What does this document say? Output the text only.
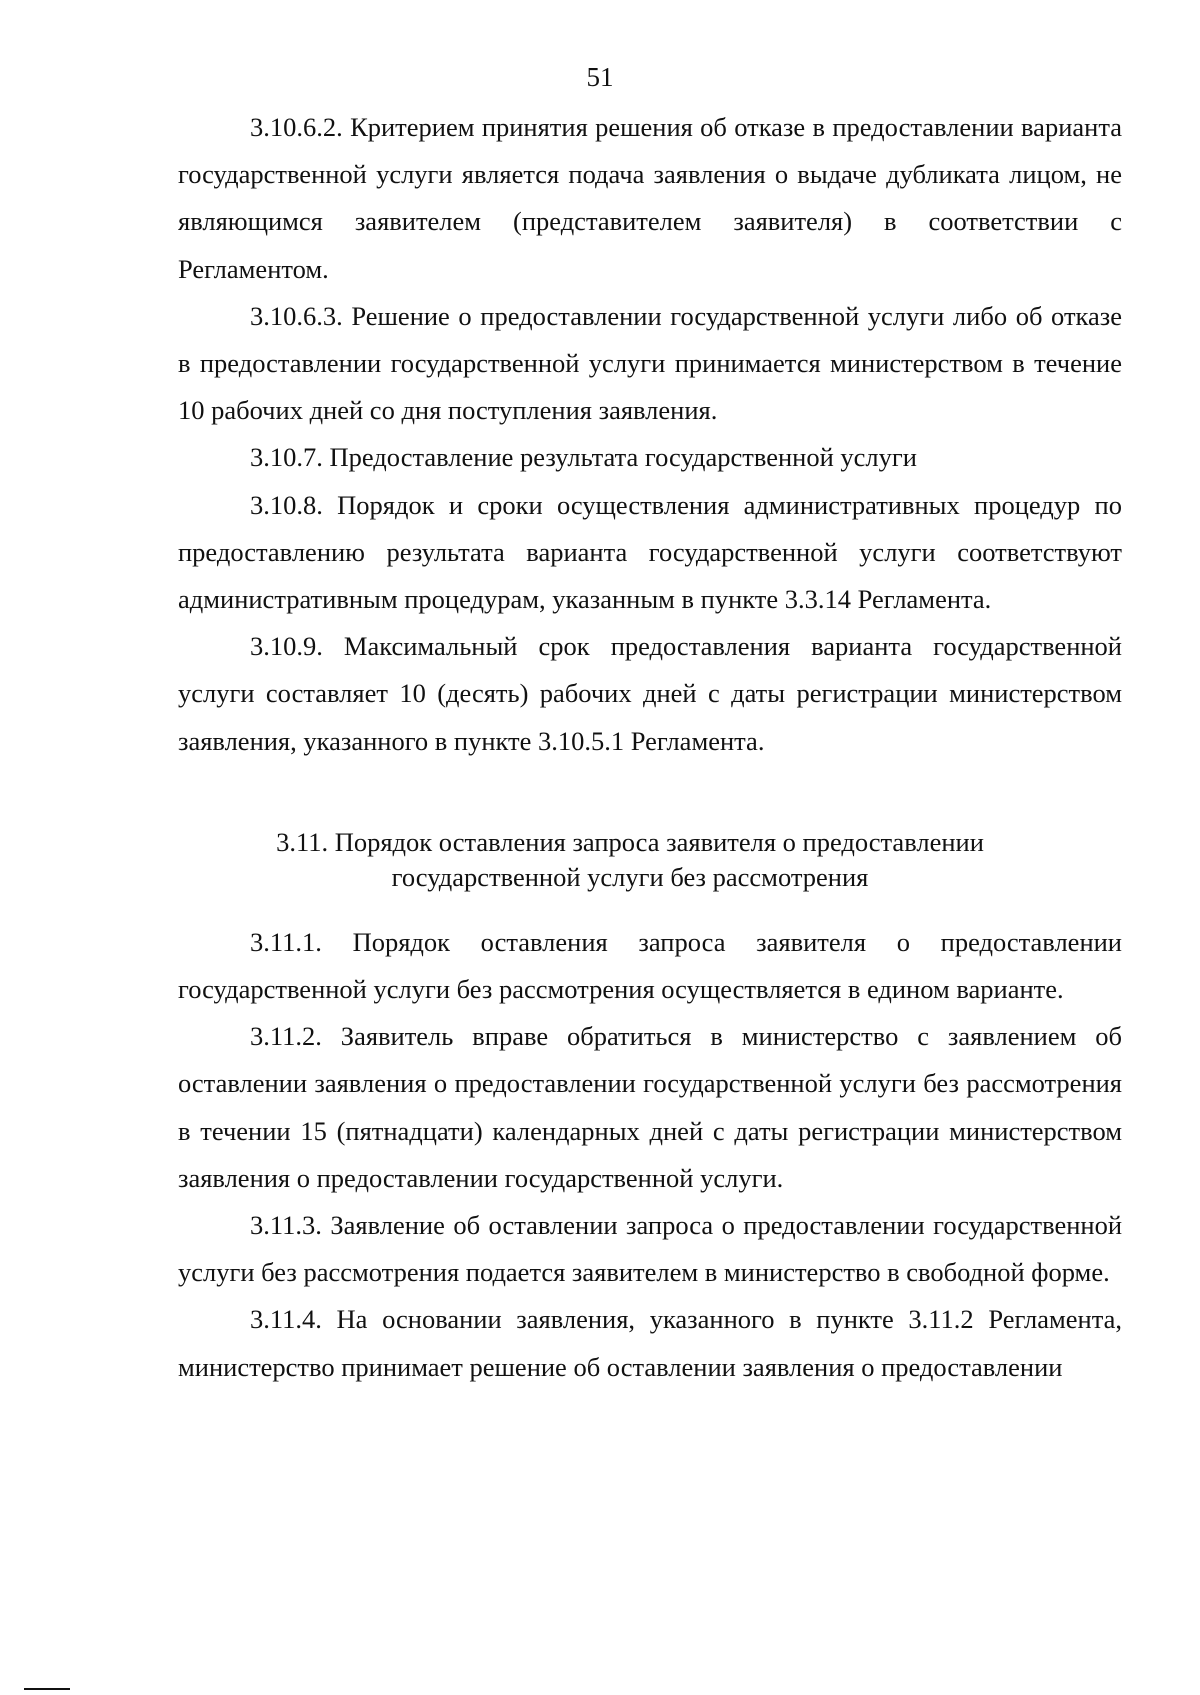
51

3.10.6.2. Критерием принятия решения об отказе в предоставлении варианта государственной услуги является подача заявления о выдаче дубликата лицом, не являющимся заявителем (представителем заявителя) в соответствии с Регламентом.

3.10.6.3. Решение о предоставлении государственной услуги либо об отказе в предоставлении государственной услуги принимается министерством в течение 10 рабочих дней со дня поступления заявления.

3.10.7. Предоставление результата государственной услуги

3.10.8. Порядок и сроки осуществления административных процедур по предоставлению результата варианта государственной услуги соответствуют административным процедурам, указанным в пункте 3.3.14 Регламента.

3.10.9. Максимальный срок предоставления варианта государственной услуги составляет 10 (десять) рабочих дней с даты регистрации министерством заявления, указанного в пункте 3.10.5.1 Регламента.

3.11. Порядок оставления запроса заявителя о предоставлении
государственной услуги без рассмотрения

3.11.1. Порядок оставления запроса заявителя о предоставлении государственной услуги без рассмотрения осуществляется в едином варианте.

3.11.2. Заявитель вправе обратиться в министерство с заявлением об оставлении заявления о предоставлении государственной услуги без рассмотрения в течении 15 (пятнадцати) календарных дней с даты регистрации министерством заявления о предоставлении государственной услуги.

3.11.3. Заявление об оставлении запроса о предоставлении государственной услуги без рассмотрения подается заявителем в министерство в свободной форме.

3.11.4. На основании заявления, указанного в пункте 3.11.2 Регламента, министерство принимает решение об оставлении заявления о предоставлении
